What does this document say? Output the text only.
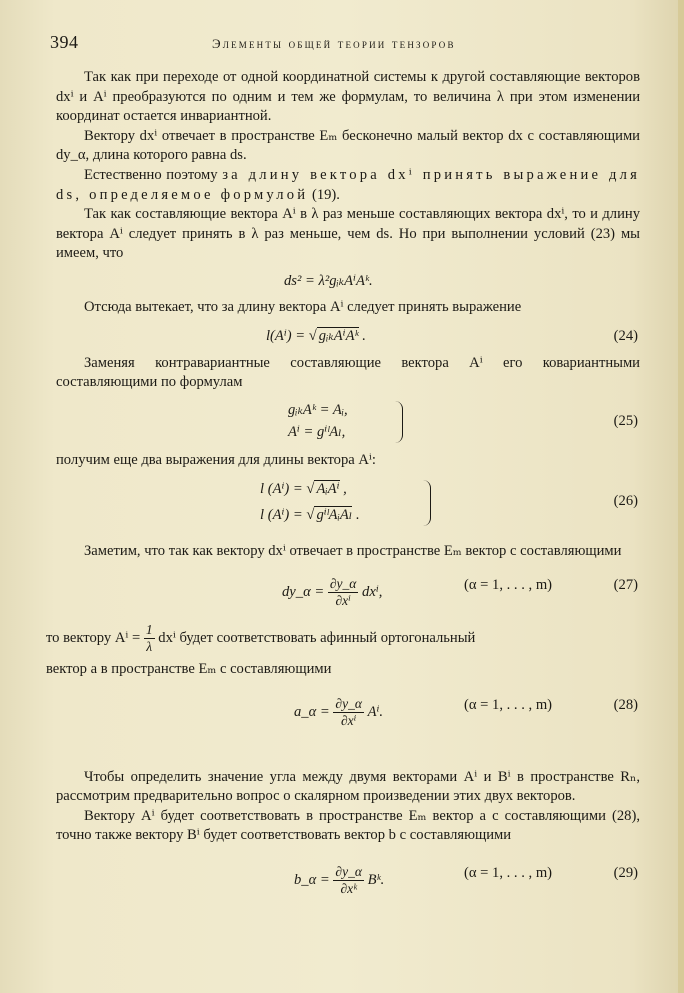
394	Элементы общей теории тензоров

Так как при переходе от одной координатной системы к другой составляющие векторов dxⁱ и Aⁱ преобразуются по одним и тем же формулам, то величина λ при этом изменении координат остается инвариантной.

Вектору dxⁱ отвечает в пространстве Eₘ бесконечно малый вектор dx с составляющими dy_α, длина которого равна ds.

Естественно поэтому за длину вектора dxⁱ принять выражение для ds, определяемое формулой (19).

Так как составляющие вектора Aⁱ в λ раз меньше составляющих вектора dxⁱ, то и длину вектора Aⁱ следует принять в λ раз меньше, чем ds. Но при выполнении условий (23) мы имеем, что

ds² = λ²gᵢₖAⁱAᵏ.

Отсюда вытекает, что за длину вектора Aⁱ следует принять выражение

l(Aⁱ) = √ gᵢₖAⁱAᵏ .	(24)

Заменяя контравариантные составляющие вектора Aⁱ его ковариантными составляющими по формулам

gᵢₖAᵏ = Aᵢ,
Aⁱ = gⁱˡAₗ,
(25)

получим еще два выражения для длины вектора Aⁱ:

l (Aⁱ) = √ AᵢAⁱ ,
l (Aⁱ) = √ gⁱˡAᵢAₗ .
(26)

Заметим, что так как вектору dxⁱ отвечает в пространстве Eₘ вектор с составляющими

dy_α = $\frac{\partial y\_\alpha}{\text{∂xⁱ}} dx^i$,	(α = 1, . . . , m)	(27)
то вектору $A^i = \frac{1}{\lambda}$ dxⁱ будет соответствовать афинный ортогональный

вектор a в пространстве Eₘ с составляющими

a_α = $\frac{\partial y\_\alpha}{\text{∂xⁱ}} A^i$.	(α = 1, . . . , m)	(28)

Чтобы определить значение угла между двумя векторами Aⁱ и Bⁱ в пространстве Rₙ, рассмотрим предварительно вопрос о скалярном произведении этих двух векторов.

Вектору Aⁱ будет соответствовать в пространстве Eₘ вектор a с составляющими (28), точно также вектору Bⁱ будет соответствовать вектор b с составляющими

b_α = $\frac{\partial y\_\alpha}{\text{∂xᵏ}}$ Bᵏ.	(α = 1, . . . , m)	(29)
